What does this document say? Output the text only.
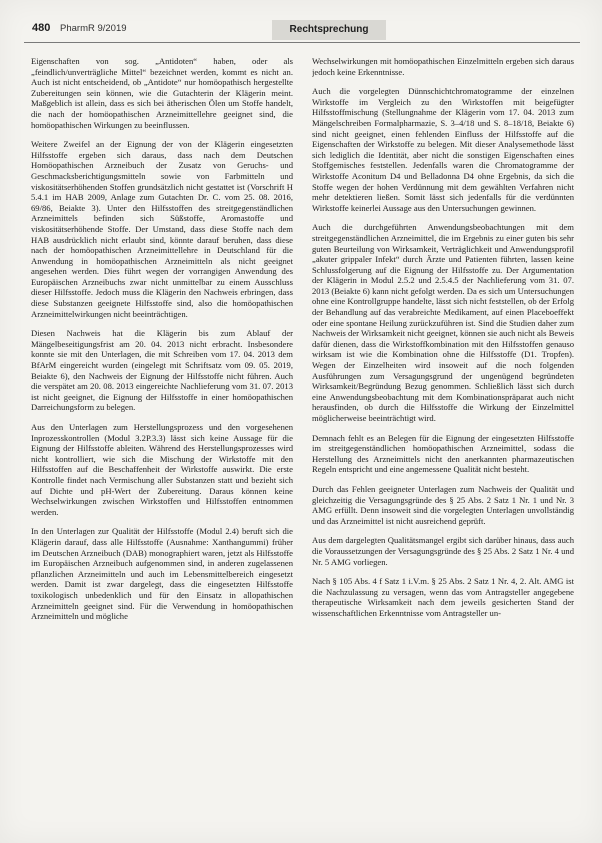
480 PharmR 9/2019	Rechtsprechung

Eigenschaften von sog. „Antidoten“ haben, oder als „feindlich/unverträgliche Mittel“ bezeichnet werden, kommt es nicht an. Auch ist nicht entscheidend, ob „Antidote“ nur homöopathisch hergestellte Zubereitungen sein können, wie die Gutachterin der Klägerin meint. Maßgeblich ist allein, dass es sich bei ätherischen Ölen um Stoffe handelt, die nach der homöopathischen Arzneimittellehre geeignet sind, die homöopathischen Wirkungen zu beeinflussen.

Weitere Zweifel an der Eignung der von der Klägerin eingesetzten Hilfsstoffe ergeben sich daraus, dass nach dem Deutschen Homöopathischen Arzneibuch der Zusatz von Geruchs- und Geschmacksberichtigungsmitteln sowie von Farbmitteln und viskositätserhöhenden Stoffen grundsätzlich nicht gestattet ist (Vorschrift H 5.4.1 im HAB 2009, Anlage zum Gutachten Dr. C. vom 25. 08. 2016, 69/86, Beiakte 3). Unter den Hilfsstoffen des streitgegenständlichen Arzneimittels befinden sich Süßstoffe, Aromastoffe und viskositätserhöhende Stoffe. Der Umstand, dass diese Stoffe nach dem HAB ausdrücklich nicht erlaubt sind, könnte darauf beruhen, dass diese nach der homöopathischen Arzneimittellehre in Deutschland für die Anwendung in homöopathischen Arzneimitteln als nicht geeignet angesehen werden. Dies führt wegen der vorrangigen Anwendung des Europäischen Arzneibuchs zwar nicht unmittelbar zu einem Ausschluss dieser Hilfsstoffe. Jedoch muss die Klägerin den Nachweis erbringen, dass diese Substanzen geeignete Hilfsstoffe sind, also die homöopathischen Arzneimittelwirkungen nicht beeinträchtigen.

Diesen Nachweis hat die Klägerin bis zum Ablauf der Mängelbeseitigungsfrist am 20. 04. 2013 nicht erbracht. Insbesondere konnte sie mit den Unterlagen, die mit Schreiben vom 17. 04. 2013 dem BfArM eingereicht wurden (eingelegt mit Schriftsatz vom 09. 05. 2019, Beiakte 6), den Nachweis der Eignung der Hilfsstoffe nicht führen. Auch die verspätet am 20. 08. 2013 eingereichte Nachlieferung vom 31. 07. 2013 ist nicht geeignet, die Eignung der Hilfsstoffe in einer homöopathischen Darreichungsform zu belegen.

Aus den Unterlagen zum Herstellungsprozess und den vorgesehenen Inprozesskontrollen (Modul 3.2P.3.3) lässt sich keine Aussage für die Eignung der Hilfsstoffe ableiten. Während des Herstellungsprozesses wird nicht kontrolliert, wie sich die Mischung der Wirkstoffe mit den Hilfsstoffen auf die Beschaffenheit der Wirkstoffe auswirkt. Die erste Kontrolle findet nach Vermischung aller Substanzen statt und bezieht sich auf Dichte und pH-Wert der Zubereitung. Daraus können keine Wechselwirkungen zwischen Wirkstoffen und Hilfsstoffen entnommen werden.

In den Unterlagen zur Qualität der Hilfsstoffe (Modul 2.4) beruft sich die Klägerin darauf, dass alle Hilfsstoffe (Ausnahme: Xanthangummi) früher im Deutschen Arzneibuch (DAB) monographiert waren, jetzt als Hilfsstoffe im Europäischen Arzneibuch aufgenommen sind, in anderen zugelassenen pflanzlichen Arzneimitteln und auch im Lebensmittelbereich eingesetzt werden. Damit ist zwar dargelegt, dass die eingesetzten Hilfsstoffe toxikologisch unbedenklich und für den Einsatz in allopathischen Arzneimitteln geeignet sind. Für die Verwendung in homöopathischen Arzneimitteln und mögliche

Wechselwirkungen mit homöopathischen Einzelmitteln ergeben sich daraus jedoch keine Erkenntnisse.

Auch die vorgelegten Dünnschichtchromatogramme der einzelnen Wirkstoffe im Vergleich zu den Wirkstoffen mit beigefügter Hilfsstoffmischung (Stellungnahme der Klägerin vom 17. 04. 2013 zum Mängelschreiben Formalpharmazie, S. 3–4/18 und S. 8–18/18, Beiakte 6) sind nicht geeignet, einen fehlenden Einfluss der Hilfsstoffe auf die Eigenschaften der Wirkstoffe zu belegen. Mit dieser Analysemethode lässt sich lediglich die Identität, aber nicht die sonstigen Eigenschaften eines Stoffgemisches feststellen. Jedenfalls waren die Chromatogramme der Wirkstoffe Aconitum D4 und Belladonna D4 ohne Ergebnis, da sich die Stoffe wegen der hohen Verdünnung mit dem gewählten Verfahren nicht mehr detektieren ließen. Somit lässt sich jedenfalls für die verdünnten Wirkstoffe keinerlei Aussage aus den Untersuchungen gewinnen.

Auch die durchgeführten Anwendungsbeobachtungen mit dem streitgegenständlichen Arzneimittel, die im Ergebnis zu einer guten bis sehr guten Beurteilung von Wirksamkeit, Verträglichkeit und Anwendungsprofil „akuter grippaler Infekt“ durch Ärzte und Patienten führten, lassen keine Schlussfolgerung auf die Eignung der Hilfsstoffe zu. Der Argumentation der Klägerin in Modul 2.5.2 und 2.5.4.5 der Nachlieferung vom 31. 07. 2013 (Beiakte 6) kann nicht gefolgt werden. Da es sich um Untersuchungen ohne eine Kontrollgruppe handelte, lässt sich nicht feststellen, ob der Erfolg der Behandlung auf das verabreichte Medikament, auf einen Placeboeffekt oder eine spontane Heilung zurückzuführen ist. Sind die Studien daher zum Nachweis der Wirksamkeit nicht geeignet, können sie auch nicht als Beweis dafür dienen, dass die Wirkstoffkombination mit den Hilfsstoffen genauso wirksam ist wie die Kombination ohne die Hilfsstoffe (D1. Tropfen). Wegen der Einzelheiten wird insoweit auf die noch folgenden Ausführungen zum Versagungsgrund der ungenügend begründeten Wirksamkeit/Begründung Bezug genommen. Schließlich lässt sich durch eine Anwendungsbeobachtung mit dem Kombinationspräparat auch nicht herausfinden, ob durch die Hilfsstoffe die Wirkung der Einzelmittel möglicherweise beeinträchtigt wird.

Demnach fehlt es an Belegen für die Eignung der eingesetzten Hilfsstoffe im streitgegenständlichen homöopathischen Arzneimittel, sodass die Herstellung des Arzneimittels nicht den anerkannten pharmazeutischen Regeln entspricht und eine angemessene Qualität nicht besteht.

Durch das Fehlen geeigneter Unterlagen zum Nachweis der Qualität und gleichzeitig die Versagungsgründe des § 25 Abs. 2 Satz 1 Nr. 1 und Nr. 3 AMG erfüllt. Denn insoweit sind die vorgelegten Unterlagen unvollständig und das Arzneimittel ist nicht ausreichend geprüft.

Aus dem dargelegten Qualitätsmangel ergibt sich darüber hinaus, dass auch die Voraussetzungen der Versagungsgründe des § 25 Abs. 2 Satz 1 Nr. 4 und Nr. 5 AMG vorliegen.

Nach § 105 Abs. 4 f Satz 1 i.V.m. § 25 Abs. 2 Satz 1 Nr. 4, 2. Alt. AMG ist die Nachzulassung zu versagen, wenn das vom Antragsteller angegebene therapeutische Wirksamkeit nach dem jeweils gesicherten Stand der wissenschaftlichen Erkenntnisse vom Antragsteller un-
